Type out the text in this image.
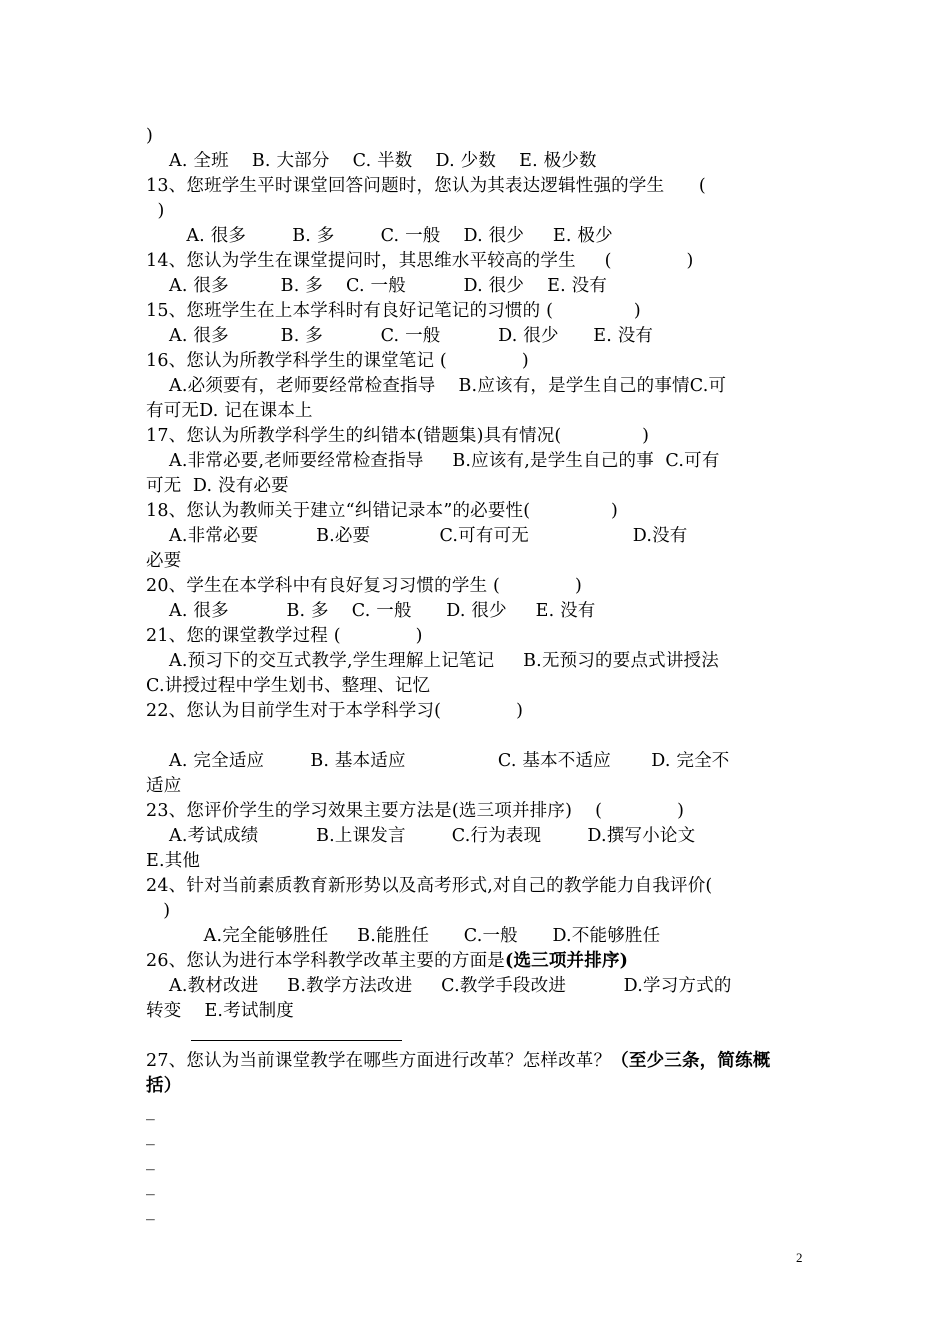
)
A. 全班    B. 大部分    C. 半数    D. 少数    E. 极少数
13、您班学生平时课堂回答问题时，您认为其表达逻辑性强的学生      (
)
A. 很多        B. 多        C. 一般    D. 很少     E. 极少
14、您认为学生在课堂提问时，其思维水平较高的学生     (             )
A. 很多         B. 多    C. 一般          D. 很少    E. 没有
15、您班学生在上本学科时有良好记笔记的习惯的 (              )
A. 很多         B. 多          C. 一般          D. 很少      E. 没有
16、您认为所教学科学生的课堂笔记 (             )
A.必须要有，老师要经常检查指导    B.应该有，是学生自己的事情C.可
有可无D. 记在课本上
17、您认为所教学科学生的纠错本(错题集)具有情况(              )
A.非常必要,老师要经常检查指导     B.应该有,是学生自己的事  C.可有
可无  D. 没有必要
18、您认为教师关于建立“纠错记录本”的必要性(              )
A.非常必要          B.必要            C.可有可无                  D.没有
必要
20、学生在本学科中有良好复习习惯的学生 (             )
A. 很多          B. 多    C. 一般      D. 很少     E. 没有
21、您的课堂教学过程 (             )
A.预习下的交互式教学,学生理解上记笔记     B.无预习的要点式讲授法
C.讲授过程中学生划书、整理、记忆
22、您认为目前学生对于本学科学习(             )
A. 完全适应        B. 基本适应                C. 基本不适应       D. 完全不
适应
23、您评价学生的学习效果主要方法是(选三项并排序)    (             )
A.考试成绩          B.上课发言        C.行为表现        D.撰写小论文
E.其他
24、针对当前素质教育新形势以及高考形式,对自己的教学能力自我评价(
)
A.完全能够胜任     B.能胜任      C.一般      D.不能够胜任
26、您认为进行本学科教学改革主要的方面是(选三项并排序)
A.教材改进     B.教学方法改进     C.教学手段改进          D.学习方式的
转变    E.考试制度
27、您认为当前课堂教学在哪些方面进行改革？怎样改革？（至少三条，简练概
括）
_
_
_
_
_
2
